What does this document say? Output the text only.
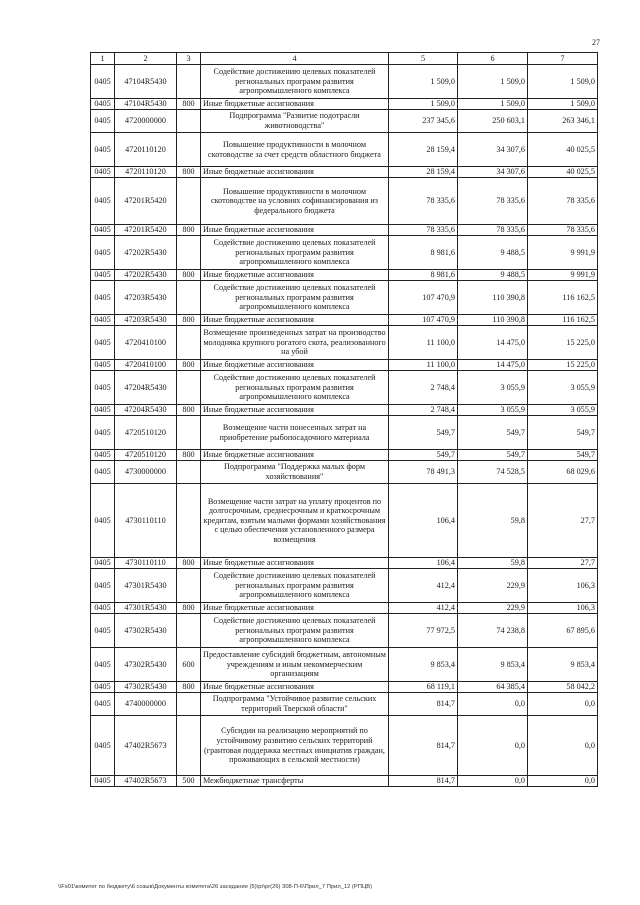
27
1	2	3	4	5	6	7
0405	47104R5430		Содействие достижению целевых показателей региональных программ развития агропромышленного комплекса	1 509,0	1 509,0	1 509,0
0405	47104R5430	800	Иные бюджетные ассигнования	1 509,0	1 509,0	1 509,0
0405	4720000000		Подпрограмма "Развитие подотрасли животноводства"	237 345,6	250 603,1	263 346,1
0405	4720110120		Повышение продуктивности в молочном скотоводстве за счет средств областного бюджета	28 159,4	34 307,6	40 025,5
0405	4720110120	800	Иные бюджетные ассигнования	28 159,4	34 307,6	40 025,5
0405	47201R5420		Повышение продуктивности в молочном скотоводстве на условиях софинансирования из федерального бюджета	78 335,6	78 335,6	78 335,6
0405	47201R5420	800	Иные бюджетные ассигнования	78 335,6	78 335,6	78 335,6
0405	47202R5430		Содействие достижению целевых показателей региональных программ развития агропромышленного комплекса	8 981,6	9 488,5	9 991,9
0405	47202R5430	800	Иные бюджетные ассигнования	8 981,6	9 488,5	9 991,9
0405	47203R5430		Содействие достижению целевых показателей региональных программ развития агропромышленного комплекса	107 470,9	110 390,8	116 162,5
0405	47203R5430	800	Иные бюджетные ассигнования	107 470,9	110 390,8	116 162,5
0405	4720410100		Возмещение произведенных затрат на производство молодняка крупного рогатого скота, реализованного на убой	11 100,0	14 475,0	15 225,0
0405	4720410100	800	Иные бюджетные ассигнования	11 100,0	14 475,0	15 225,0
0405	47204R5430		Содействие достижению целевых показателей региональных программ развития агропромышленного комплекса	2 748,4	3 055,9	3 055,9
0405	47204R5430	800	Иные бюджетные ассигнования	2 748,4	3 055,9	3 055,9
0405	4720510120		Возмещение части понесенных затрат на приобретение рыбопосадочного материала	549,7	549,7	549,7
0405	4720510120	800	Иные бюджетные ассигнования	549,7	549,7	549,7
0405	4730000000		Подпрограмма "Поддержка малых форм хозяйствования"	78 491,3	74 528,5	68 029,6
0405	4730110110		Возмещение части затрат на уплату процентов по долгосрочным, среднесрочным и краткосрочным кредитам, взятым малыми формами хозяйствования с целью обеспечения установленного размера возмещения	106,4	59,8	27,7
0405	4730110110	800	Иные бюджетные ассигнования	106,4	59,8	27,7
0405	47301R5430		Содействие достижению целевых показателей региональных программ развития агропромышленного комплекса	412,4	229,9	106,3
0405	47301R5430	800	Иные бюджетные ассигнования	412,4	229,9	106,3
0405	47302R5430		Содействие достижению целевых показателей региональных программ развития агропромышленного комплекса	77 972,5	74 238,8	67 895,6
0405	47302R5430	600	Предоставление субсидий бюджетным, автономным учреждениям и иным некоммерческим организациям	9 853,4	9 853,4	9 853,4
0405	47302R5430	800	Иные бюджетные ассигнования	68 119,1	64 385,4	58 042,2
0405	4740000000		Подпрограмма "Устойчивое развитие сельских территорий Тверской области"	814,7	0,0	0,0
0405	47402R5673		Субсидии на реализацию мероприятий по устойчивому развитию сельских территорий (грантовая поддержка местных инициатив граждан, проживающих в сельской местности)	814,7	0,0	0,0
0405	47402R5673	500	Межбюджетные трансферты	814,7	0,0	0,0
\\Fs01\комитет по бюджету\6 созыв\Документы комитета\26 заседание (5)\pr\pr(26) 308-П-6\Прил_7 Прил_12 (РПЦВ)
